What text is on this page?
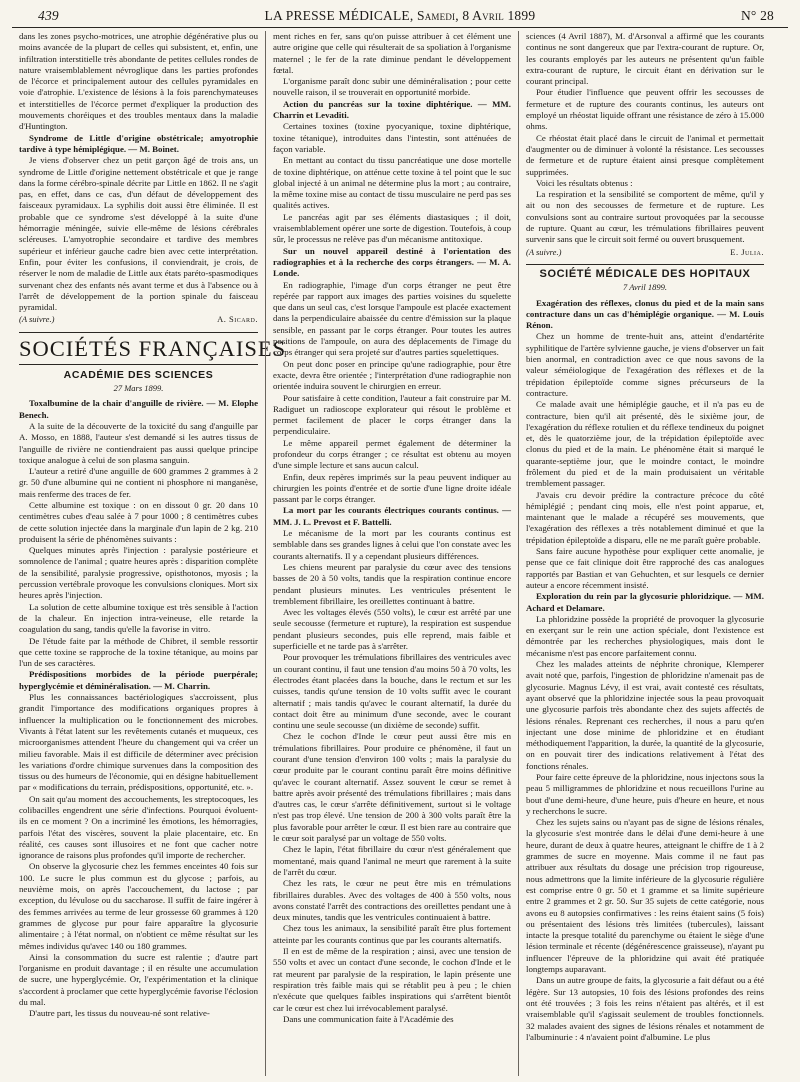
439	LA PRESSE MÉDICALE, Samedi, 8 Avril 1899	N° 28

dans les zones psycho-motrices, une atrophie dégénérative plus ou moins avancée de la plupart de celles qui subsistent, et, enfin, une infiltration interstitielle très abondante de petites cellules rondes de nature vraisemblablement névroglique dans les parties profondes de l'écorce et principalement autour des cellules pyramidales en voie d'atrophie. L'existence de lésions à la fois parenchymateuses et interstitielles de l'écorce permet d'expliquer la production des mouvements choréiques et des troubles mentaux dans la maladie d'Huntington.

Syndrome de Little d'origine obstétricale; amyotrophie tardive à type hémiplégique. — M. Boinet.

Je viens d'observer chez un petit garçon âgé de trois ans, un syndrome de Little d'origine nettement obstétricale et que je range dans la forme cérébro-spinale décrite par Little en 1862. Il ne s'agit pas, en effet, dans ce cas, d'un défaut de développement des faisceaux pyramidaux. La syphilis doit aussi être éliminée. Il est probable que ce syndrome s'est développé à la suite d'une hémorragie méningée, suivie elle-même de lésions cérébrales scléreuses. L'amyotrophie secondaire et tardive des membres supérieur et inférieur gauche cadre bien avec cette interprétation. Enfin, pour éviter les confusions, il conviendrait, je crois, de réserver le nom de maladie de Little aux états paréto-spasmodiques survenant chez des enfants nés avant terme et dus à l'absence ou à l'arrêt de développement de la portion spinale du faisceau pyramidal.

(A suivre.)	A. Sicard.
SOCIÉTÉS FRANÇAISES
ACADÉMIE DES SCIENCES
27 Mars 1899.

Toxalbumine de la chair d'anguille de rivière. — M. Elophe Benech.

A la suite de la découverte de la toxicité du sang d'anguille par A. Mosso, en 1888, l'auteur s'est demandé si les autres tissus de l'anguille de rivière ne contiendraient pas aussi quelque principe toxique analogue à celui de son plasma sanguin.

L'auteur a retiré d'une anguille de 600 grammes 2 grammes à 2 gr. 50 d'une albumine qui ne contient ni phosphore ni manganèse, mais renferme des traces de fer.

Cette albumine est toxique : on en dissout 0 gr. 20 dans 10 centimètres cubes d'eau salée à 7 pour 1000 ; 8 centimètres cubes de cette solution injectée dans la marginale d'un lapin de 2 kg. 210 produisent la série de phénomènes suivants :

Quelques minutes après l'injection : paralysie postérieure et somnolence de l'animal ; quatre heures après : disparition complète de la sensibilité, paralysie progressive, opisthotonos, myosis ; la percussion vertébrale provoque les convulsions cloniques. Mort six heures après l'injection.

La solution de cette albumine toxique est très sensible à l'action de la chaleur. En injection intra-veineuse, elle retarde la coagulation du sang, tandis qu'elle la favorise in vitro.

De l'étude faite par la méthode de Chibret, il semble ressortir que cette toxine se rapproche de la toxine tétanique, au moins par l'un de ses caractères.

Prédispositions morbides de la période puerpérale; hyperglycémie et déminéralisation. — M. Charrin.

Plus les connaissances bactériologiques s'accroissent, plus grandit l'importance des modifications organiques propres à influencer la multiplication ou le fonctionnement des microbes. Vivants à l'état latent sur les revêtements cutanés et muqueux, ces microorganismes attendent l'heure du changement qui va créer un milieu favorable. Mais il est difficile de déterminer avec précision les variations d'ordre chimique survenues dans la composition des tissus ou des humeurs de l'économie, qui en désigne habituellement par « modifications du terrain, prédispositions, opportunité, etc. ».

On sait qu'au moment des accouchements, les streptocoques, les colibacilles engendrent une série d'infections. Pourquoi évoluent-ils en ce moment ? On a incriminé les émotions, les hémorragies, parfois l'état des viscères, souvent la plaie placentaire, etc. En réalité, ces causes sont illusoires et ne font que cacher notre ignorance de raisons plus profondes qu'il importe de rechercher.

On observe la glycosurie chez les femmes enceintes 40 fois sur 100. Le sucre le plus commun est du glycose ; parfois, au neuvième mois, on après l'accouchement, du lactose ; par exception, du lévulose ou du saccharose. Il suffit de faire ingérer à des femmes arrivées au terme de leur grossesse 60 grammes à 120 grammes de glycose pur pour faire apparaître la glycosurie alimentaire ; à l'état normal, on n'obtient ce même résultat sur les mêmes individus qu'avec 140 ou 180 grammes.

Ainsi la consommation du sucre est ralentie ; d'autre part l'organisme en produit davantage ; il en résulte une accumulation de sucre, une hyperglycémie. Or, l'expérimentation et la clinique s'accordent à proclamer que cette hyperglycémie favorise l'éclosion du mal.

D'autre part, les tissus du nouveau-né sont relative-

ment riches en fer, sans qu'on puisse attribuer à cet élément une autre origine que celle qui résulterait de sa spoliation à l'organisme maternel ; le fer de la rate diminue pendant le développement fœtal.

L'organisme paraît donc subir une déminéralisation ; pour cette nouvelle raison, il se trouverait en opportunité morbide.

Action du pancréas sur la toxine diphtérique. — MM. Charrin et Levaditi.

Certaines toxines (toxine pyocyanique, toxine diphtérique, toxine tétanique), introduites dans l'intestin, sont atténuées de façon variable.

En mettant au contact du tissu pancréatique une dose mortelle de toxine diphtérique, on atténue cette toxine à tel point que le suc global injecté à un animal ne détermine plus la mort ; au contraire, la même toxine mise au contact de tissu musculaire ne perd pas ses qualités actives.

Le pancréas agit par ses éléments diastasiques ; il doit, vraisemblablement opérer une sorte de digestion. Toutefois, à coup sûr, le processus ne relève pas d'un mécanisme antitoxique.

Sur un nouvel appareil destiné à l'orientation des radiographies et à la recherche des corps étrangers. — M. A. Londe.

En radiographie, l'image d'un corps étranger ne peut être repérée par rapport aux images des parties voisines du squelette que dans un seul cas, c'est lorsque l'ampoule est placée exactement dans la perpendiculaire abaissée du centre d'émission sur la plaque sensible, en passant par le corps étranger. Pour toutes les autres positions de l'ampoule, on aura des déplacements de l'image du corps étranger qui sera projeté sur d'autres parties squelettiques.

On peut donc poser en principe qu'une radiographie, pour être exacte, devra être orientée ; l'interprétation d'une radiographie non orientée induira souvent le chirurgien en erreur.

Pour satisfaire à cette condition, l'auteur a fait construire par M. Radiguet un radioscope explorateur qui résout le problème et permet facilement de placer le corps étranger dans la perpendiculaire.

Le même appareil permet également de déterminer la profondeur du corps étranger ; ce résultat est obtenu au moyen d'une simple lecture et sans aucun calcul.

Enfin, deux repères imprimés sur la peau peuvent indiquer au chirurgien les points d'entrée et de sortie d'une ligne droite idéale passant par le corps étranger.

La mort par les courants électriques courants continus. — MM. J. L. Prevost et F. Battelli.

Le mécanisme de la mort par les courants continus est semblable dans ses grandes lignes à celui que l'on constate avec les courants alternatifs. Il y a cependant plusieurs différences.

Les chiens meurent par paralysie du cœur avec des tensions basses de 20 à 50 volts, tandis que la respiration continue encore pendant plusieurs minutes. Les ventricules présentent le tremblement fibrillaire, les oreillettes continuant à battre.

Avec les voltages élevés (550 volts), le cœur est arrêté par une seule secousse (fermeture et rupture), la respiration est suspendue pendant plusieurs secondes, puis elle reprend, mais faible et superficielle et ne tarde pas à s'arrêter.

Pour provoquer les trémulations fibrillaires des ventricules avec un courant continu, il faut une tension d'au moins 50 à 70 volts, les électrodes étant placées dans la bouche, dans le rectum et sur les cuisses, tandis qu'une tension de 10 volts suffit avec le courant alternatif ; mais tandis qu'avec le courant alternatif, la durée du contact doit être au minimum d'une seconde, avec le courant continu une seule secousse (un dixième de seconde) suffit.

Chez le cochon d'Inde le cœur peut aussi être mis en trémulations fibrillaires. Pour produire ce phénomène, il faut un courant d'une tension d'environ 100 volts ; mais la paralysie du cœur produite par le courant continu paraît être moins définitive qu'avec le courant alternatif. Assez souvent le cœur se remet à battre après avoir présenté des trémulations fibrillaires ; mais dans d'autres cas, le cœur s'arrête définitivement, surtout si le voltage n'est pas trop élevé. Une tension de 200 à 300 volts paraît être la plus favorable pour arrêter le cœur. Il est bien rare au contraire que le cœur soit paralysé par un voltage de 550 volts.

Chez le lapin, l'état fibrillaire du cœur n'est généralement que momentané, mais quand l'animal ne meurt que rarement à la suite de l'arrêt du cœur.

Chez les rats, le cœur ne peut être mis en trémulations fibrillaires durables. Avec des voltages de 400 à 550 volts, nous avons constaté l'arrêt des contractions des oreillettes pendant une à deux minutes, tandis que les ventricules continuaient à battre.

Chez tous les animaux, la sensibilité paraît être plus fortement atteinte par les courants continus que par les courants alternatifs.

Il en est de même de la respiration ; ainsi, avec une tension de 550 volts et avec un contact d'une seconde, le cochon d'Inde et le rat meurent par paralysie de la respiration, le lapin présente une respiration très faible mais qui se rétablit peu à peu ; le chien n'exécute que quelques faibles inspirations qui s'arrêtent bientôt car le cœur est chez lui irrévocablement paralysé.

Dans une communication faite à l'Académie des

sciences (4 Avril 1887), M. d'Arsonval a affirmé que les courants continus ne sont dangereux que par l'extra-courant de rupture. Or, les courants employés par les auteurs ne présentent qu'un faible extra-courant de rupture, le circuit étant en dérivation sur le courant principal.

Pour étudier l'influence que peuvent offrir les secousses de fermeture et de rupture des courants continus, les auteurs ont employé un rhéostat liquide offrant une résistance de zéro à 15.000 ohms.

Ce rhéostat était placé dans le circuit de l'animal et permettait d'augmenter ou de diminuer à volonté la résistance. Les secousses de fermeture et de rupture étaient ainsi presque complètement supprimées.

Voici les résultats obtenus :

La respiration et la sensibilité se comportent de même, qu'il y ait ou non des secousses de fermeture et de rupture. Les convulsions sont au contraire surtout provoquées par la secousse de rupture. Quant au cœur, les trémulations fibrillaires peuvent survenir sans que le circuit soit fermé ou ouvert brusquement.

(A suivre.)	E. Julia.
SOCIÉTÉ MÉDICALE DES HOPITAUX
7 Avril 1899.

Exagération des réflexes, clonus du pied et de la main sans contracture dans un cas d'hémiplégie organique. — M. Louis Rénon.

Chez un homme de trente-huit ans, atteint d'endartérite syphilitique de l'artère sylvienne gauche, je viens d'observer un fait bien anormal, en contradiction avec ce que nous savons de la valeur séméiologique de l'exagération des réflexes et de la trépidation épileptoïde comme signes précurseurs de la contracture.

Ce malade avait une hémiplégie gauche, et il n'a pas eu de contracture, bien qu'il ait présenté, dès le sixième jour, de l'exagération du réflexe rotulien et du réflexe tendineux du poignet et, dès le quatorzième jour, de la trépidation épileptoïde avec clonus du pied et de la main. Le phénomène était si marqué le quarante-septième jour, que le moindre contact, le moindre frôlement du pied et de la main produisaient un véritable tremblement passager.

J'avais cru devoir prédire la contracture précoce du côté hémiplégié ; pendant cinq mois, elle n'est point apparue, et, maintenant que le malade a récupéré ses mouvements, que l'exagération des réflexes a très notablement diminué et que la trépidation épileptoïde a disparu, elle ne me paraît guère probable.

Sans faire aucune hypothèse pour expliquer cette anomalie, je pense que ce fait clinique doit être rapproché des cas analogues rapportés par Bastian et van Gehuchten, et sur lesquels ce dernier auteur a encore récemment insisté.

Exploration du rein par la glycosurie phloridzique. — MM. Achard et Delamare.

La phloridzine possède la propriété de provoquer la glycosurie en exerçant sur le rein une action spéciale, dont l'existence est démontrée par les recherches physiologiques, mais dont le mécanisme n'est pas encore parfaitement connu.

Chez les malades atteints de néphrite chronique, Klemperer avait noté que, parfois, l'ingestion de phloridzine n'amenait pas de glycosurie. Magnus Lévy, il est vrai, avait contesté ces résultats, ayant observé que la phloridzine injectée sous la peau provoquait une glycosurie parfois très abondante chez des sujets affectés de lésions rénales. Reprenant ces recherches, il nous a paru qu'en injectant une dose minime de phloridzine et en étudiant méthodiquement l'apparition, la durée, la quantité de la glycosurie, on en pouvait tirer des indications relativement à l'état des fonctions rénales.

Pour faire cette épreuve de la phloridzine, nous injectons sous la peau 5 milligrammes de phloridzine et nous recueillons l'urine au bout d'une demi-heure, d'une heure, puis d'heure en heure, et nous y recherchons le sucre.

Chez les sujets sains ou n'ayant pas de signe de lésions rénales, la glycosurie s'est montrée dans le délai d'une demi-heure à une heure, durant de deux à quatre heures, atteignant le chiffre de 1 à 2 grammes de sucre en moyenne. Mais comme il ne faut pas attribuer aux résultats du dosage une précision trop rigoureuse, nous admettrons que la limite inférieure de la glycosurie régulière est comprise entre 0 gr. 50 et 1 gramme et sa limite supérieure entre 2 grammes et 2 gr. 50. Sur 35 sujets de cette catégorie, nous avons eu 8 autopsies confirmatives : les reins étaient sains (5 fois) ou présentaient des lésions très limitées (tubercules), laissant intacte la presque totalité du parenchyme ou étaient le siège d'une lésion terminale et récente (dégénérescence graisseuse), n'ayant pu influencer l'épreuve de la phloridzine qui avait été pratiquée longtemps auparavant.

Dans un autre groupe de faits, la glycosurie a fait défaut ou a été légère. Sur 13 autopsies, 10 fois des lésions profondes des reins ont été trouvées ; 3 fois les reins n'étaient pas altérés, et il est vraisemblable qu'il s'agissait seulement de troubles fonctionnels. 32 malades avaient des signes de lésions rénales et notamment de l'albuminurie : 4 n'avaient point d'albumine. Le plus
